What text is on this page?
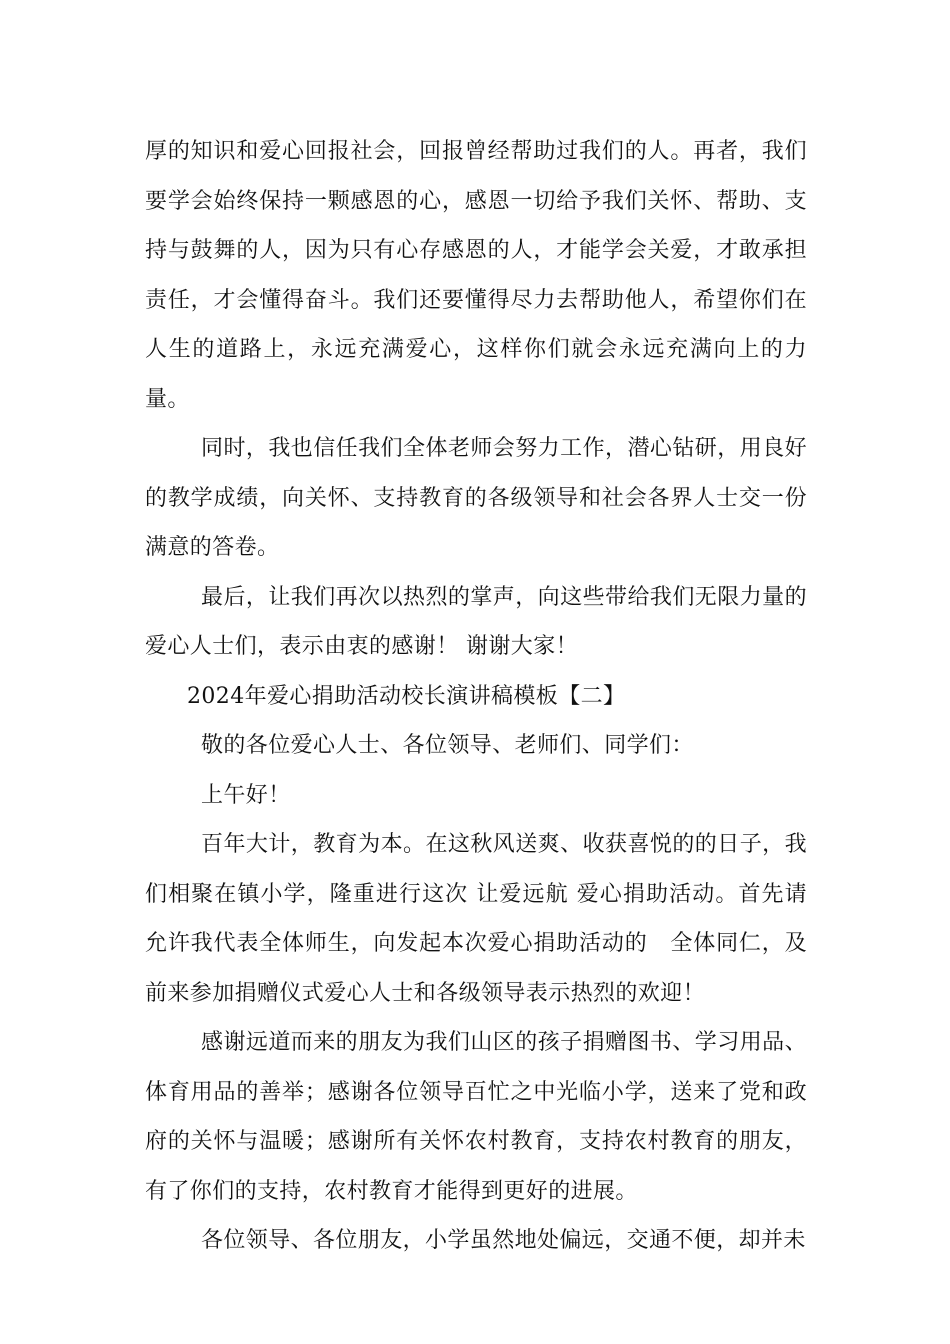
厚的知识和爱心回报社会，回报曾经帮助过我们的人。再者，我们要学会始终保持一颗感恩的心，感恩一切给予我们关怀、帮助、支持与鼓舞的人，因为只有心存感恩的人，才能学会关爱，才敢承担责任，才会懂得奋斗。我们还要懂得尽力去帮助他人，希望你们在人生的道路上，永远充满爱心，这样你们就会永远充满向上的力量。

同时，我也信任我们全体老师会努力工作，潜心钻研，用良好的教学成绩，向关怀、支持教育的各级领导和社会各界人士交一份满意的答卷。

最后，让我们再次以热烈的掌声，向这些带给我们无限力量的爱心人士们，表示由衷的感谢！ 谢谢大家！

2024年爱心捐助活动校长演讲稿模板【二】

敬的各位爱心人士、各位领导、老师们、同学们：

上午好！

百年大计，教育为本。在这秋风送爽、收获喜悦的的日子，我们相聚在镇小学，隆重进行这次 让爱远航 爱心捐助活动。首先请允许我代表全体师生，向发起本次爱心捐助活动的　全体同仁，及前来参加捐赠仪式爱心人士和各级领导表示热烈的欢迎！

感谢远道而来的朋友为我们山区的孩子捐赠图书、学习用品、体育用品的善举；感谢各位领导百忙之中光临小学，送来了党和政府的关怀与温暖；感谢所有关怀农村教育，支持农村教育的朋友，有了你们的支持，农村教育才能得到更好的进展。

各位领导、各位朋友，小学虽然地处偏远，交通不便，却并未
